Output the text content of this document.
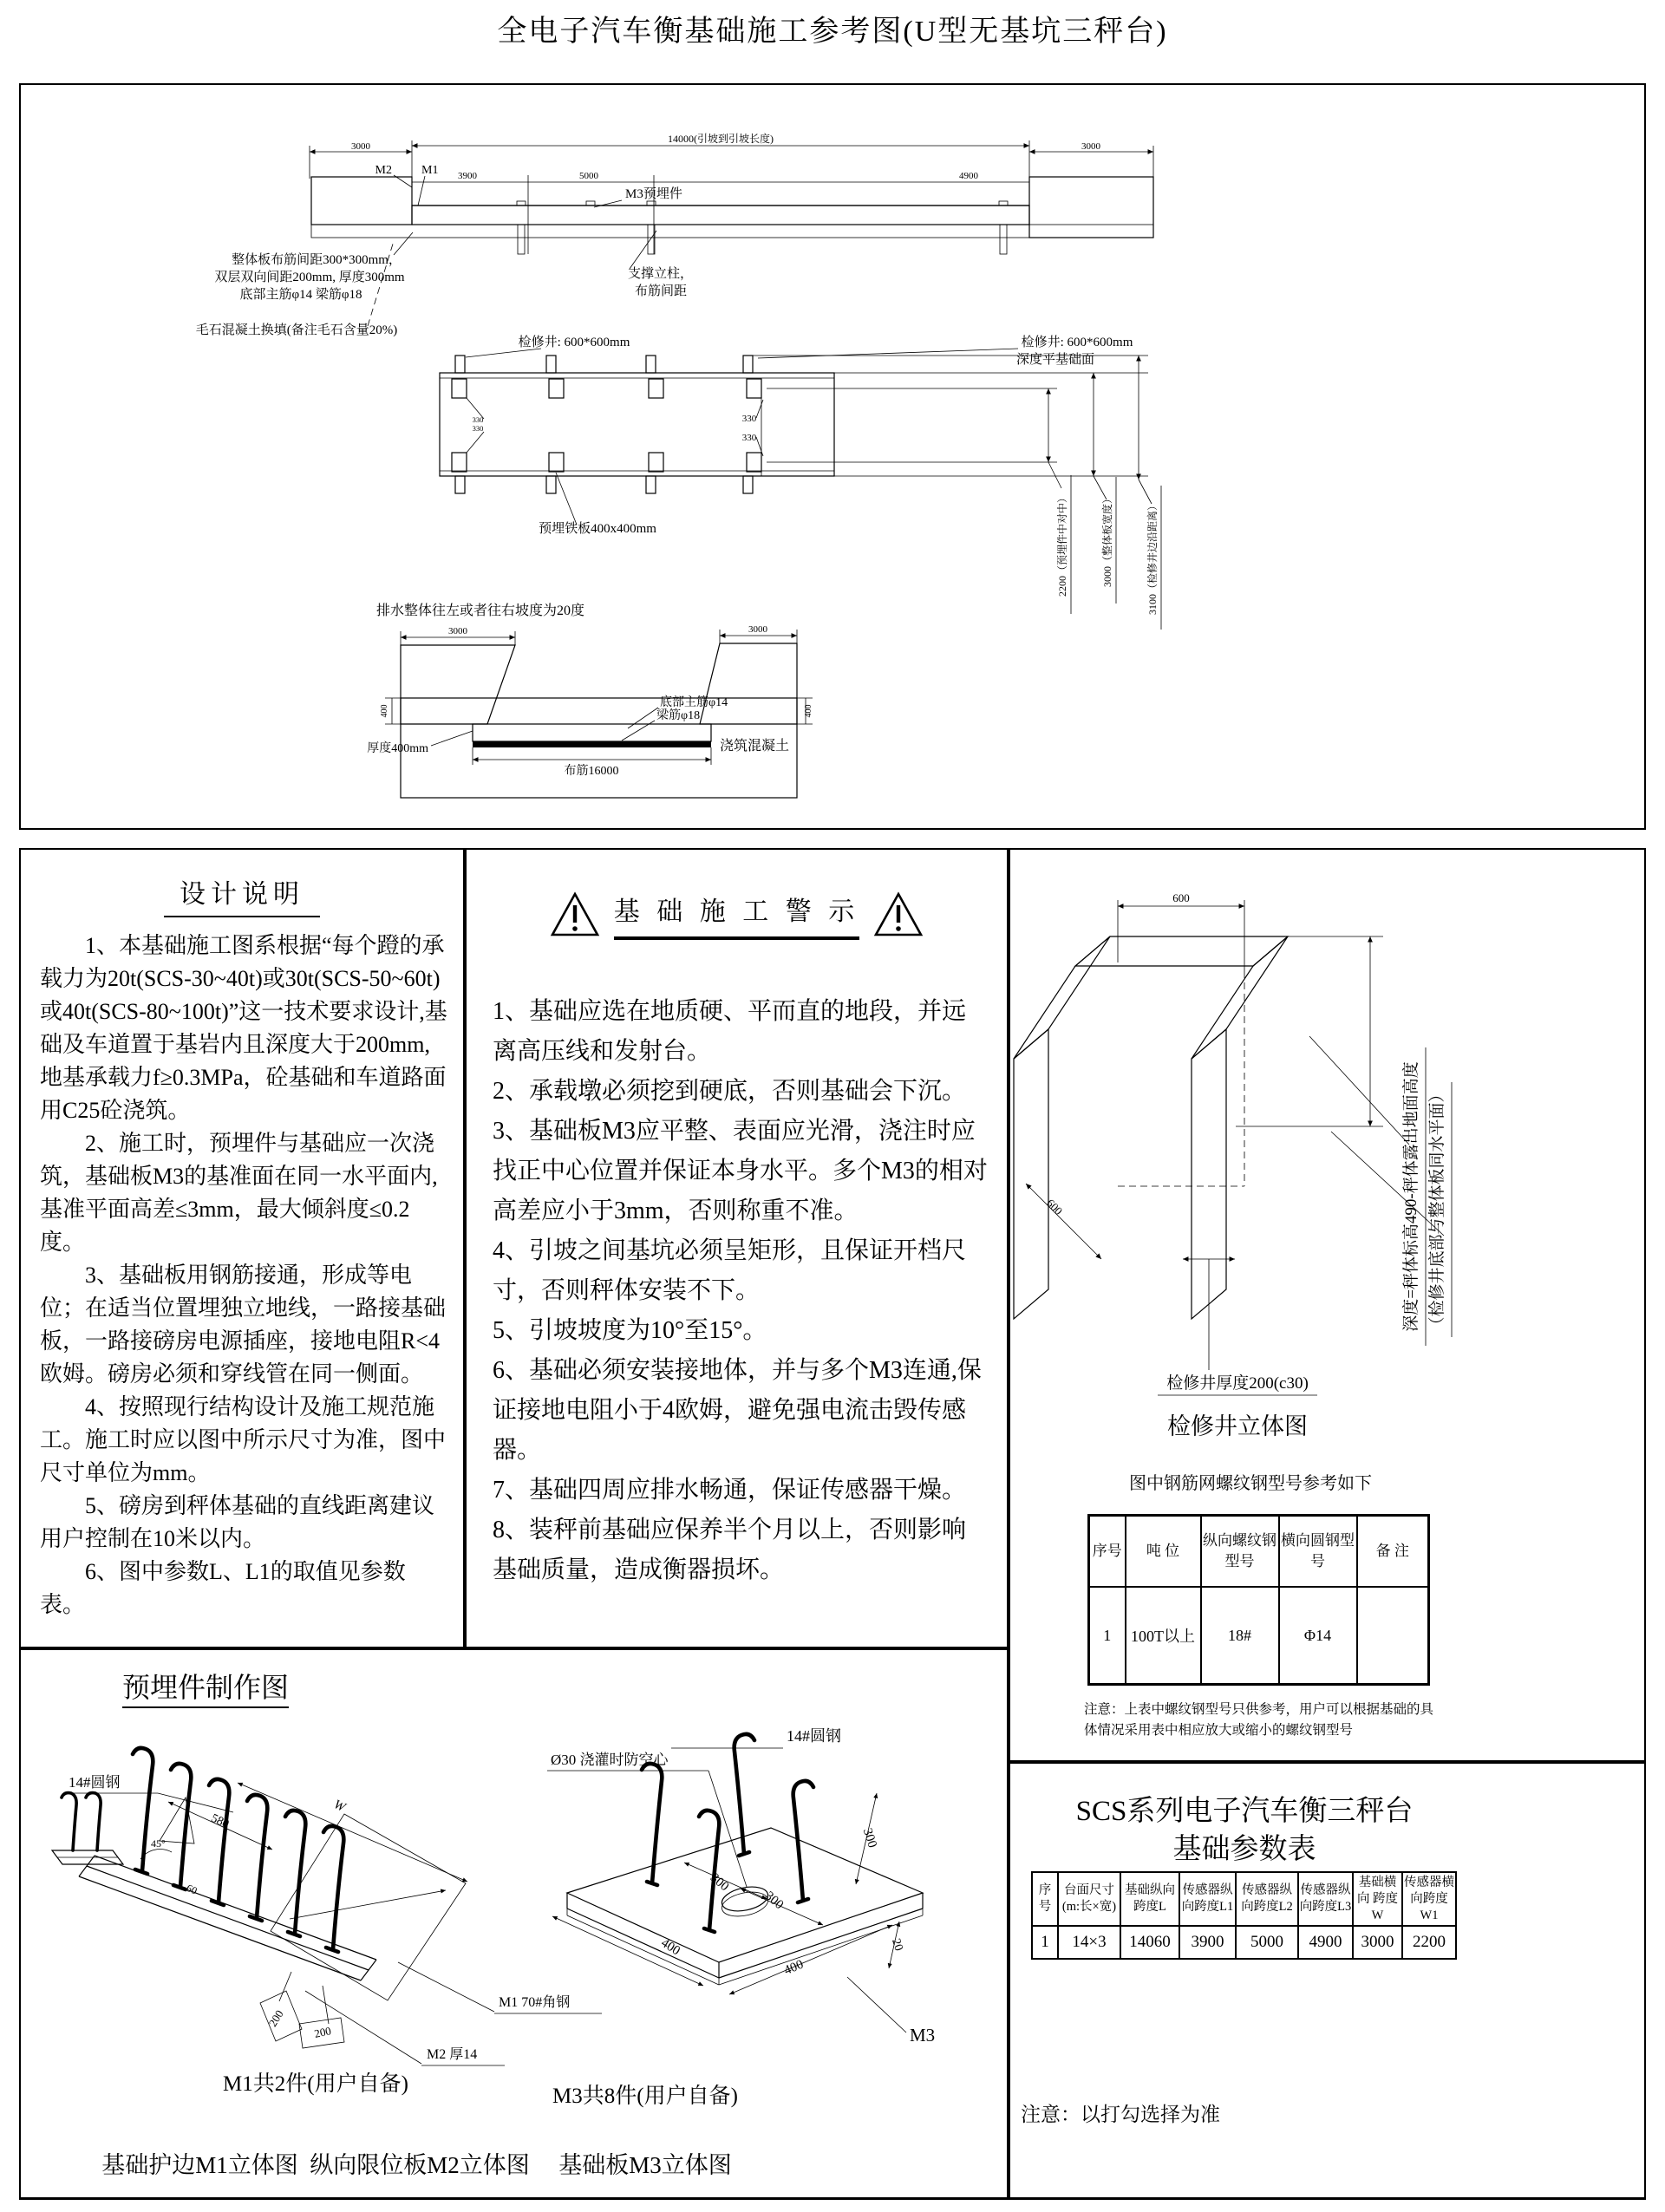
全电子汽车衡基础施工参考图(U型无基坑三秤台)
3000
14000(引坡到引坡长度)
3000
3900	5000	4900
M2 M1
M3预埋件
支撑立柱，
布筋间距
整体板布筋间距300*300mm，
双层双向间距200mm, 厚度300mm
底部主筋φ14 梁筋φ18
毛石混凝土换填(备注毛石含量20%)
检修井: 600*600mm	检修井: 600*600mm
深度平基础面
330
330
330
330
预埋铁板400x400mm	2200（预埋件中对中）	3000（整体板宽度）	3100（检修井边沿距离）
排水整体往左或者往右坡度为20度
3000	3000
400	400
底部主筋φ14
梁筋φ18
厚度400mm
布筋16000
浇筑混凝土
设计说明

1、本基础施工图系根据“每个蹬的承载力为20t(SCS-30~40t)或30t(SCS-50~60t)或40t(SCS-80~100t)”这一技术要求设计,基础及车道置于基岩内且深度大于200mm,地基承载力f≥0.3MPa，砼基础和车道路面用C25砼浇筑。

2、施工时，预埋件与基础应一次浇筑，基础板M3的基准面在同一水平面内,基准平面高差≤3mm，最大倾斜度≤0.2度。

3、基础板用钢筋接通，形成等电位；在适当位置埋独立地线，一路接基础板，一路接磅房电源插座，接地电阻R<4欧姆。磅房必须和穿线管在同一侧面。

4、按照现行结构设计及施工规范施工。施工时应以图中所示尺寸为准，图中尺寸单位为mm。

5、磅房到秤体基础的直线距离建议用户控制在10米以内。

6、图中参数L、L1的取值见参数表。

基 础 施 工 警 示

1、基础应选在地质硬、平而直的地段，并远离高压线和发射台。

2、承载墩必须挖到硬底，否则基础会下沉。

3、基础板M3应平整、表面应光滑，浇注时应找正中心位置并保证本身水平。多个M3的相对高差应小于3mm，否则称重不准。

4、引坡之间基坑必须呈矩形，且保证开档尺寸，否则秤体安装不下。

5、引坡坡度为10°至15°。

6、基础必须安装接地体，并与多个M3连通,保证接地电阻小于4欧姆，避免强电流击毁传感器。

7、基础四周应排水畅通，保证传感器干燥。

8、装秤前基础应保养半个月以上，否则影响基础质量，造成衡器损坏。

600
600
检修井厚度200(c30)
检修井立体图
深度=秤体标高490-秤体露出地面高度 （检修井底部与整体板同水平面）
图中钢筋网螺纹钢型号参考如下
序号	吨 位	纵向螺纹钢型号	横向圆钢型号	备 注
1	100T以上	18#	Φ14	
注意：上表中螺纹钢型号只供参考，用户可以根据基础的具体情况采用表中相应放大或缩小的螺纹钢型号
预埋件制作图
W
580
45°
60
200
200
14#圆钢
M1 70#角钢
M2 厚14
400
400
300
300
300
20
Ø30 浇灌时防空心
14#圆钢
M3
M1共2件(用户自备)
M3共8件(用户自备)
基础护边M1立体图 纵向限位板M2立体图	基础板M3立体图
SCS系列电子汽车衡三秤台
基础参数表
序号	台面尺寸 (m:长×宽)	基础纵向 跨度L	传感器纵 向跨度L1	传感器纵 向跨度L2	传感器纵 向跨度L3	基础横向 跨度W	传感器横 向跨度W1
1	14×3	14060	3900	5000	4900	3000	2200
注意：以打勾选择为准
